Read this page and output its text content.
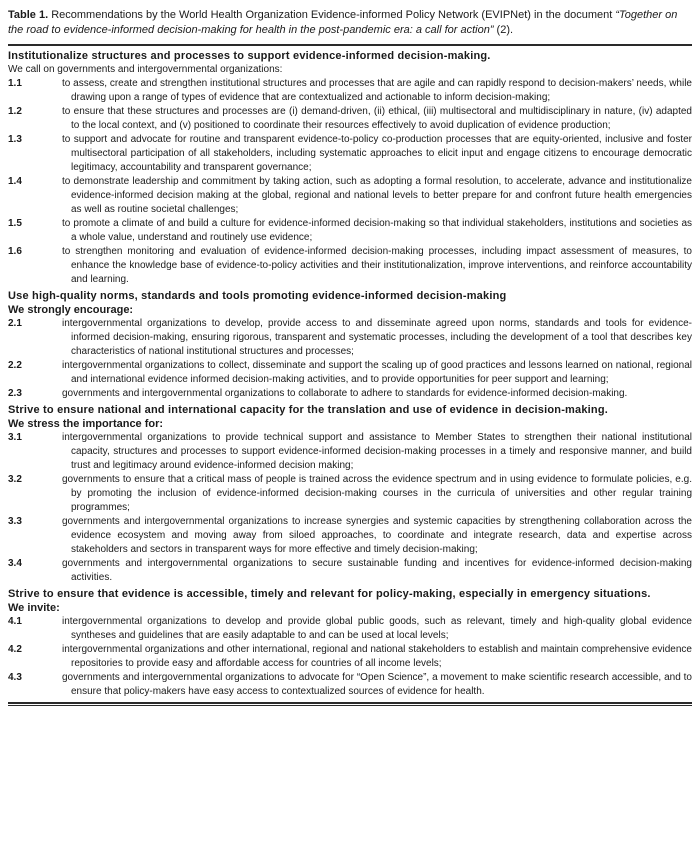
Table 1. Recommendations by the World Health Organization Evidence-informed Policy Network (EVIPNet) in the document “Together on the road to evidence-informed decision-making for health in the post-pandemic era: a call for action” (2).
Institutionalize structures and processes to support evidence-informed decision-making.
We call on governments and intergovernmental organizations:
1.1	to assess, create and strengthen institutional structures and processes that are agile and can rapidly respond to decision-makers’ needs, while drawing upon a range of types of evidence that are contextualized and actionable to inform decision-making;
1.2	to ensure that these structures and processes are (i) demand-driven, (ii) ethical, (iii) multisectoral and multidisciplinary in nature, (iv) adapted to the local context, and (v) positioned to coordinate their resources effectively to avoid duplication of evidence production;
1.3	to support and advocate for routine and transparent evidence-to-policy co-production processes that are equity-oriented, inclusive and foster multisectoral participation of all stakeholders, including systematic approaches to elicit input and engage citizens to encourage democratic legitimacy, accountability and transparent governance;
1.4	to demonstrate leadership and commitment by taking action, such as adopting a formal resolution, to accelerate, advance and institutionalize evidence-informed decision making at the global, regional and national levels to better prepare for and confront future health emergencies as well as routine societal challenges;
1.5	to promote a climate of and build a culture for evidence-informed decision-making so that individual stakeholders, institutions and societies as a whole value, understand and routinely use evidence;
1.6	to strengthen monitoring and evaluation of evidence-informed decision-making processes, including impact assessment of measures, to enhance the knowledge base of evidence-to-policy activities and their institutionalization, improve interventions, and reinforce accountability and learning.
Use high-quality norms, standards and tools promoting evidence-informed decision-making
We strongly encourage:
2.1	intergovernmental organizations to develop, provide access to and disseminate agreed upon norms, standards and tools for evidence-informed decision-making, ensuring rigorous, transparent and systematic processes, including the development of a tool that describes key characteristics of national institutional structures and processes;
2.2	intergovernmental organizations to collect, disseminate and support the scaling up of good practices and lessons learned on national, regional and international evidence informed decision-making activities, and to provide opportunities for peer support and learning;
2.3	governments and intergovernmental organizations to collaborate to adhere to standards for evidence-informed decision-making.
Strive to ensure national and international capacity for the translation and use of evidence in decision-making.
We stress the importance for:
3.1	intergovernmental organizations to provide technical support and assistance to Member States to strengthen their national institutional capacity, structures and processes to support evidence-informed decision-making processes in a timely and responsive manner, and build trust and legitimacy around evidence-informed decision making;
3.2	governments to ensure that a critical mass of people is trained across the evidence spectrum and in using evidence to formulate policies, e.g. by promoting the inclusion of evidence-informed decision-making courses in the curricula of universities and other regular training programmes;
3.3	governments and intergovernmental organizations to increase synergies and systemic capacities by strengthening collaboration across the evidence ecosystem and moving away from siloed approaches, to coordinate and integrate research, data and expertise across stakeholders and sectors in transparent ways for more effective and timely decision-making;
3.4	governments and intergovernmental organizations to secure sustainable funding and incentives for evidence-informed decision-making activities.
Strive to ensure that evidence is accessible, timely and relevant for policy-making, especially in emergency situations.
We invite:
4.1	intergovernmental organizations to develop and provide global public goods, such as relevant, timely and high-quality global evidence syntheses and guidelines that are easily adaptable to and can be used at local levels;
4.2	intergovernmental organizations and other international, regional and national stakeholders to establish and maintain comprehensive evidence repositories to provide easy and affordable access for countries of all income levels;
4.3	governments and intergovernmental organizations to advocate for “Open Science”, a movement to make scientific research accessible, and to ensure that policy-makers have easy access to contextualized sources of evidence for health.
